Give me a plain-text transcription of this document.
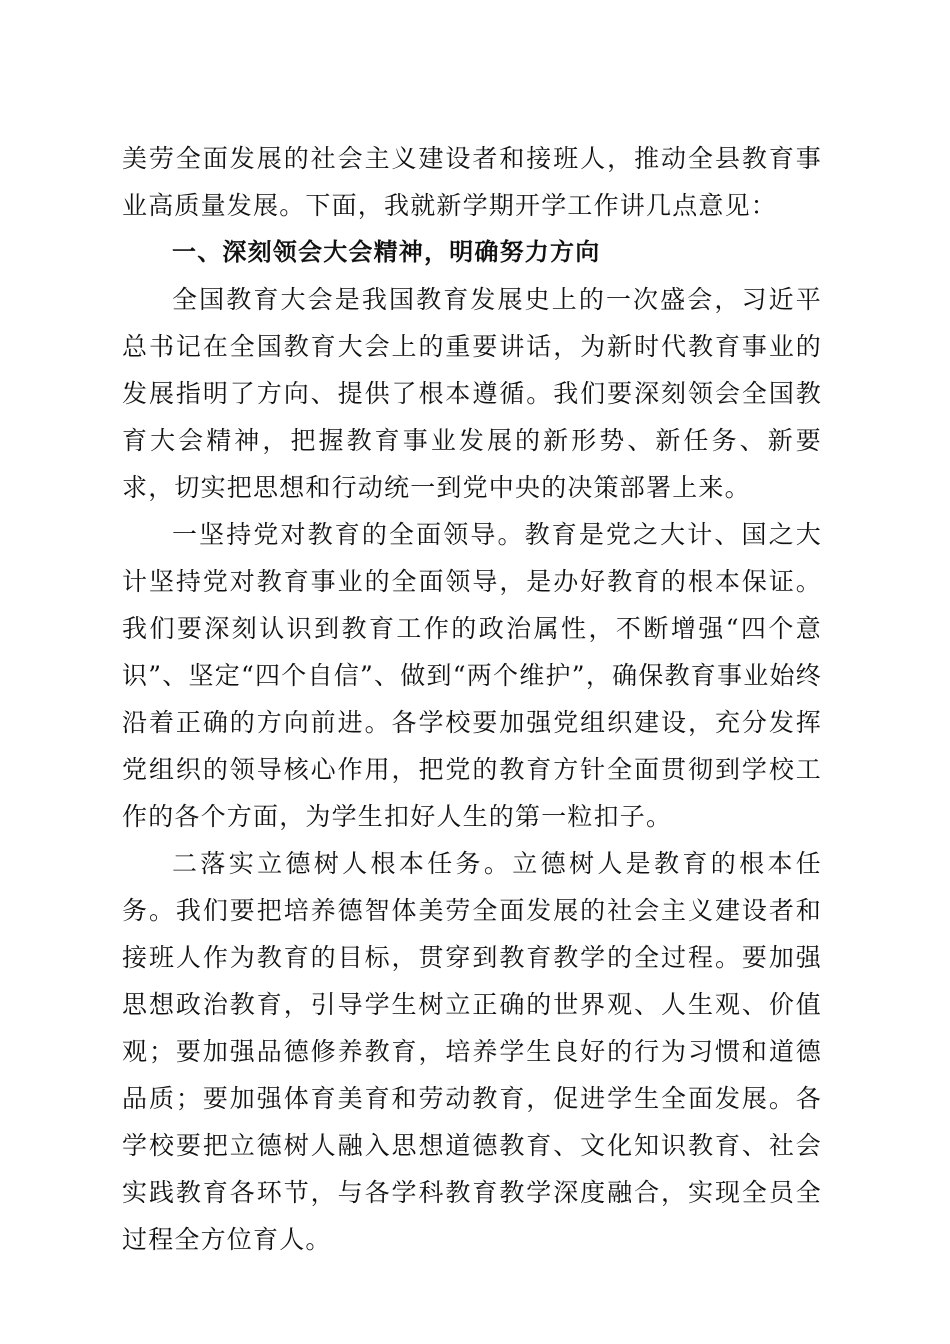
美劳全面发展的社会主义建设者和接班人，推动全县教育事业高质量发展。下面，我就新学期开学工作讲几点意见：

一、深刻领会大会精神，明确努力方向

全国教育大会是我国教育发展史上的一次盛会，习近平总书记在全国教育大会上的重要讲话，为新时代教育事业的发展指明了方向、提供了根本遵循。我们要深刻领会全国教育大会精神，把握教育事业发展的新形势、新任务、新要求，切实把思想和行动统一到党中央的决策部署上来。

一坚持党对教育的全面领导。教育是党之大计、国之大计坚持党对教育事业的全面领导，是办好教育的根本保证。我们要深刻认识到教育工作的政治属性，不断增强“四个意识”、坚定“四个自信”、做到“两个维护”，确保教育事业始终沿着正确的方向前进。各学校要加强党组织建设，充分发挥党组织的领导核心作用，把党的教育方针全面贯彻到学校工作的各个方面，为学生扣好人生的第一粒扣子。

二落实立德树人根本任务。立德树人是教育的根本任务。我们要把培养德智体美劳全面发展的社会主义建设者和接班人作为教育的目标，贯穿到教育教学的全过程。要加强思想政治教育，引导学生树立正确的世界观、人生观、价值观；要加强品德修养教育，培养学生良好的行为习惯和道德品质；要加强体育美育和劳动教育，促进学生全面发展。各学校要把立德树人融入思想道德教育、文化知识教育、社会实践教育各环节，与各学科教育教学深度融合，实现全员全过程全方位育人。
